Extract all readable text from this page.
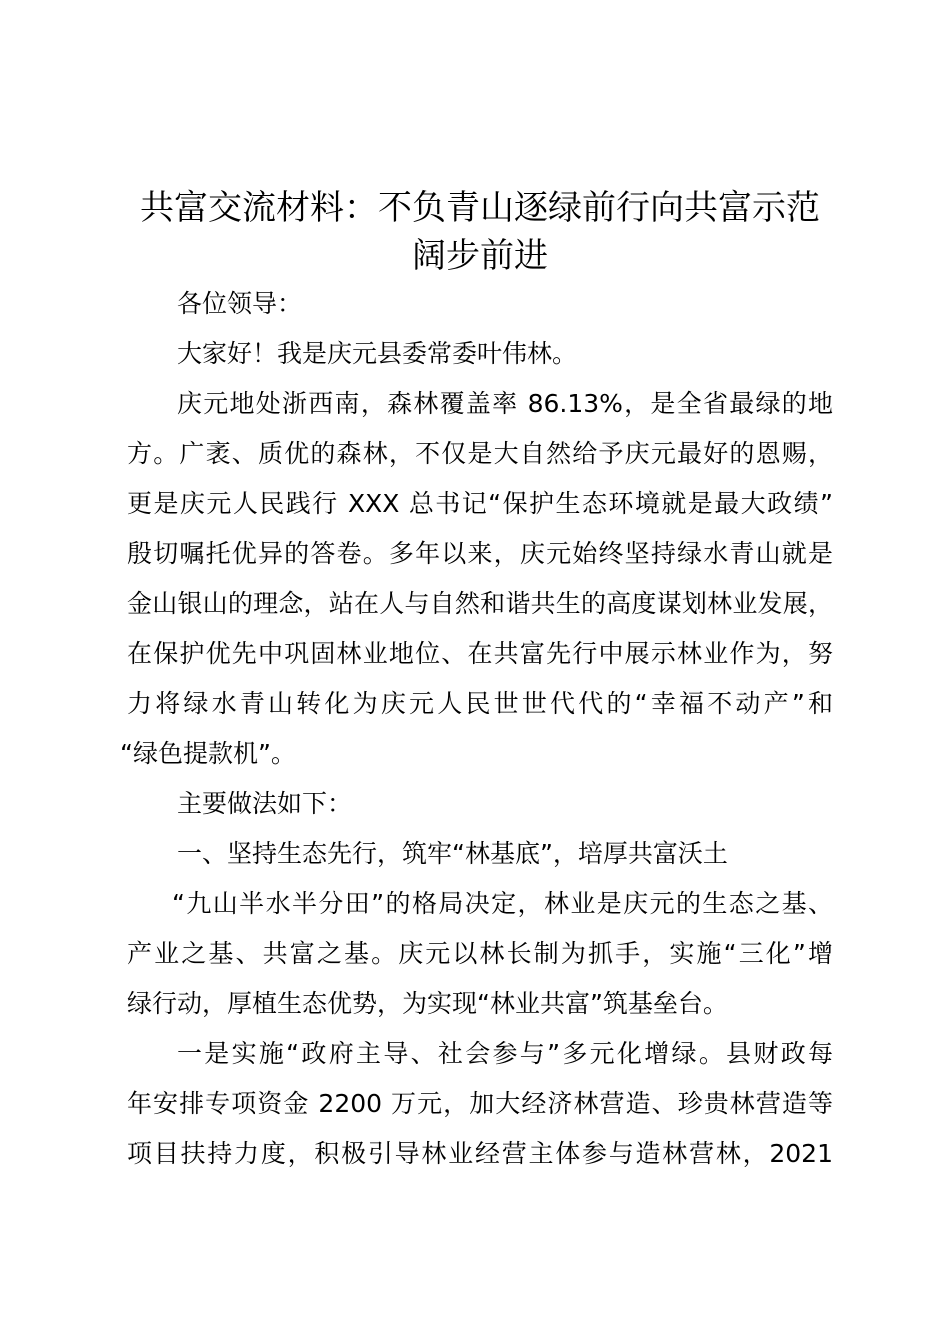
共富交流材料：不负青山逐绿前行向共富示范
阔步前进

各位领导：

大家好！我是庆元县委常委叶伟林。

庆元地处浙西南，森林覆盖率 86.13%，是全省最绿的地

方。广袤、质优的森林，不仅是大自然给予庆元最好的恩赐，

更是庆元人民践行 XXX 总书记“保护生态环境就是最大政绩”

殷切嘱托优异的答卷。多年以来，庆元始终坚持绿水青山就是

金山银山的理念，站在人与自然和谐共生的高度谋划林业发展，

在保护优先中巩固林业地位、在共富先行中展示林业作为，努

力将绿水青山转化为庆元人民世世代代的“幸福不动产”和

“绿色提款机”。

主要做法如下：

一、坚持生态先行，筑牢“林基底”，培厚共富沃土

“九山半水半分田”的格局决定，林业是庆元的生态之基、

产业之基、共富之基。庆元以林长制为抓手，实施“三化”增

绿行动，厚植生态优势，为实现“林业共富”筑基垒台。

一是实施“政府主导、社会参与”多元化增绿。县财政每

年安排专项资金 2200 万元，加大经济林营造、珍贵林营造等

项目扶持力度，积极引导林业经营主体参与造林营林，2021
